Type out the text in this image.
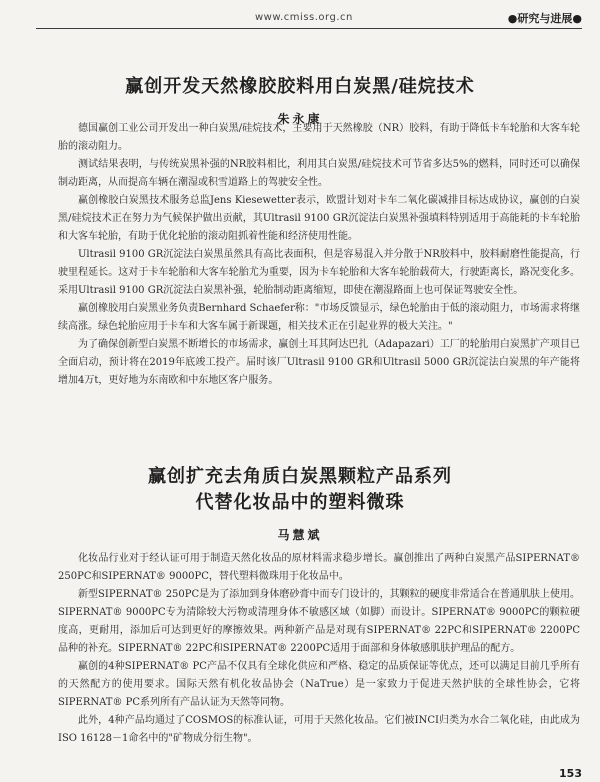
www.cmiss.org.cn	●研究与进展●
赢创开发天然橡胶胶料用白炭黑/硅烷技术
朱永康

德国赢创工业公司开发出一种白炭黑/硅烷技术，主要用于天然橡胶（NR）胶料，有助于降低卡车轮胎和大客车轮胎的滚动阻力。

测试结果表明，与传统炭黑补强的NR胶料相比，利用其白炭黑/硅烷技术可节省多达5%的燃料，同时还可以确保制动距离，从而提高车辆在潮湿或积雪道路上的驾驶安全性。

赢创橡胶白炭黑技术服务总监Jens Kiesewetter表示，欧盟计划对卡车二氧化碳减排目标达成协议，赢创的白炭黑/硅烷技术正在努力为气候保护做出贡献，其Ultrasil 9100 GR沉淀法白炭黑补强填料特别适用于高能耗的卡车轮胎和大客车轮胎，有助于优化轮胎的滚动阻抓着性能和经济使用性能。

Ultrasil 9100 GR沉淀法白炭黑虽然具有高比表面积，但是容易混入并分散于NR胶料中，胶料耐磨性能提高，行驶里程延长。这对于卡车轮胎和大客车轮胎尤为重要，因为卡车轮胎和大客车轮胎载荷大，行驶距离长，路况变化多。采用Ultrasil 9100 GR沉淀法白炭黑补强，轮胎制动距离缩短，即使在潮湿路面上也可保证驾驶安全性。

赢创橡胶用白炭黑业务负责Bernhard Schaefer称："市场反馈显示，绿色轮胎由于低的滚动阻力，市场需求将继续高涨。绿色轮胎应用于卡车和大客车属于新课题，相关技术正在引起业界的极大关注。"

为了确保创新型白炭黑不断增长的市场需求，赢创土耳其阿达巴扎（Adapazari）工厂的轮胎用白炭黑扩产项目已全面启动，预计将在2019年底竣工投产。届时该厂Ultrasil 9100 GR和Ultrasil 5000 GR沉淀法白炭黑的年产能将增加4万t，更好地为东南欧和中东地区客户服务。

赢创扩充去角质白炭黑颗粒产品系列
代替化妆品中的塑料微珠
马慧斌

化妆品行业对于经认证可用于制造天然化妆品的原材料需求稳步增长。赢创推出了两种白炭黑产品SIPERNAT® 250PC和SIPERNAT® 9000PC，替代塑料微珠用于化妆品中。

新型SIPERNAT® 250PC是为了添加到身体磨砂膏中而专门设计的，其颗粒的硬度非常适合在普通肌肤上使用。SIPERNAT® 9000PC专为清除较大污物或清理身体不敏感区域（如脚）而设计。SIPERNAT® 9000PC的颗粒硬度高，更耐用，添加后可达到更好的摩擦效果。两种新产品是对现有SIPERNAT® 22PC和SIPERNAT® 2200PC品种的补充。SIPERNAT® 22PC和SIPERNAT® 2200PC适用于面部和身体敏感肌肤护理品的配方。

赢创的4种SIPERNAT® PC产品不仅具有全球化供应和严格、稳定的品质保证等优点，还可以满足目前几乎所有的天然配方的使用要求。国际天然有机化妆品协会（NaTrue）是一家致力于促进天然护肤的全球性协会，它将SIPERNAT® PC系列所有产品认证为天然等同物。

此外，4种产品均通过了COSMOS的标准认证，可用于天然化妆品。它们被INCI归类为水合二氧化硅，由此成为ISO 16128－1命名中的"矿物成分衍生物"。

153
